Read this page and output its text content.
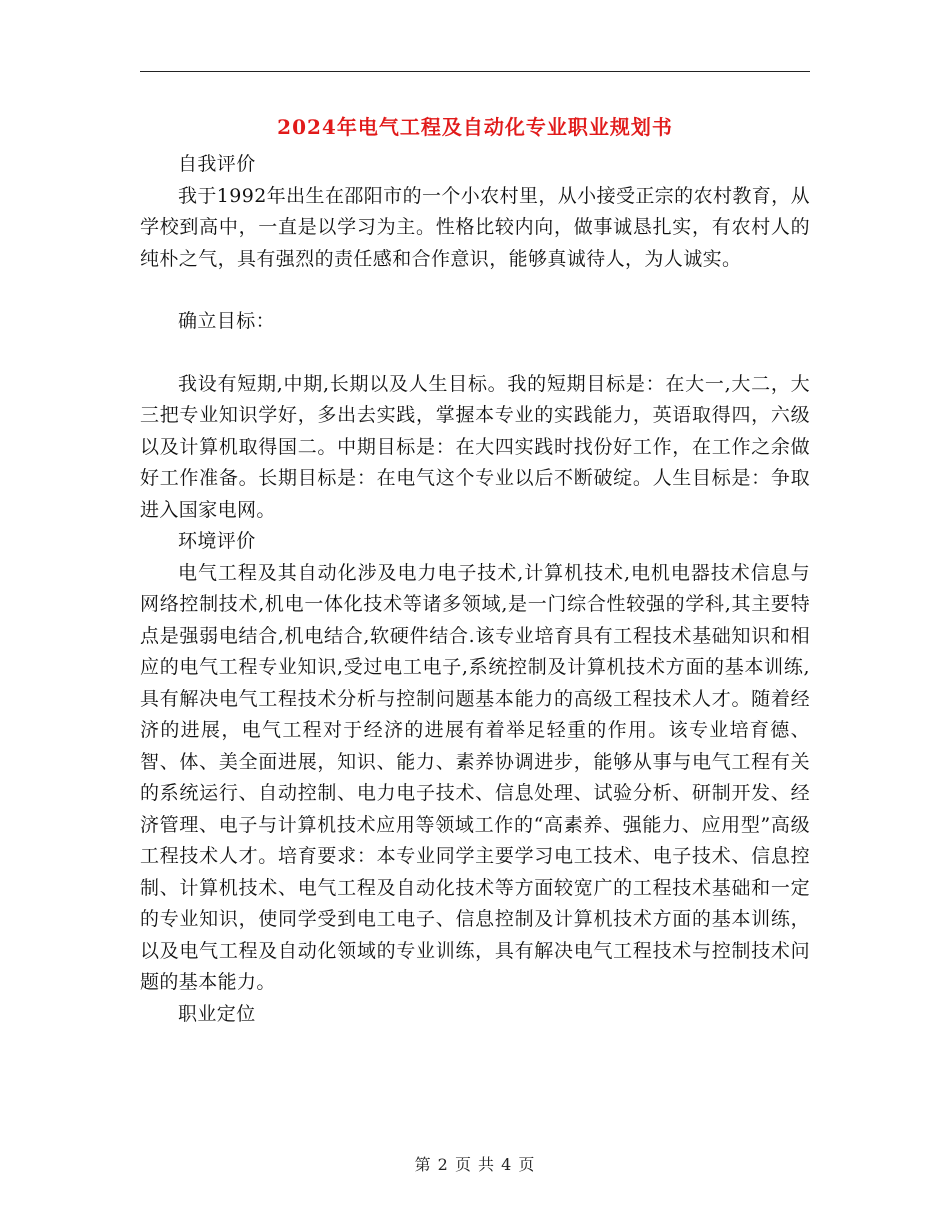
2024年电气工程及自动化专业职业规划书

自我评价

我于1992年出生在邵阳市的一个小农村里，从小接受正宗的农村教育，从学校到高中，一直是以学习为主。性格比较内向，做事诚恳扎实，有农村人的纯朴之气，具有强烈的责任感和合作意识，能够真诚待人，为人诚实。

确立目标：

我设有短期,中期,长期以及人生目标。我的短期目标是：在大一,大二，大三把专业知识学好，多出去实践，掌握本专业的实践能力，英语取得四，六级以及计算机取得国二。中期目标是：在大四实践时找份好工作，在工作之余做好工作准备。长期目标是：在电气这个专业以后不断破绽。人生目标是：争取进入国家电网。

环境评价

电气工程及其自动化涉及电力电子技术,计算机技术,电机电器技术信息与网络控制技术,机电一体化技术等诸多领域,是一门综合性较强的学科,其主要特点是强弱电结合,机电结合,软硬件结合.该专业培育具有工程技术基础知识和相应的电气工程专业知识,受过电工电子,系统控制及计算机技术方面的基本训练,具有解决电气工程技术分析与控制问题基本能力的高级工程技术人才。随着经济的进展，电气工程对于经济的进展有着举足轻重的作用。该专业培育德、智、体、美全面进展，知识、能力、素养协调进步，能够从事与电气工程有关的系统运行、自动控制、电力电子技术、信息处理、试验分析、研制开发、经济管理、电子与计算机技术应用等领域工作的“高素养、强能力、应用型”高级工程技术人才。培育要求：本专业同学主要学习电工技术、电子技术、信息控制、计算机技术、电气工程及自动化技术等方面较宽广的工程技术基础和一定的专业知识，使同学受到电工电子、信息控制及计算机技术方面的基本训练，以及电气工程及自动化领域的专业训练，具有解决电气工程技术与控制技术问题的基本能力。

职业定位

第 2 页 共 4 页
